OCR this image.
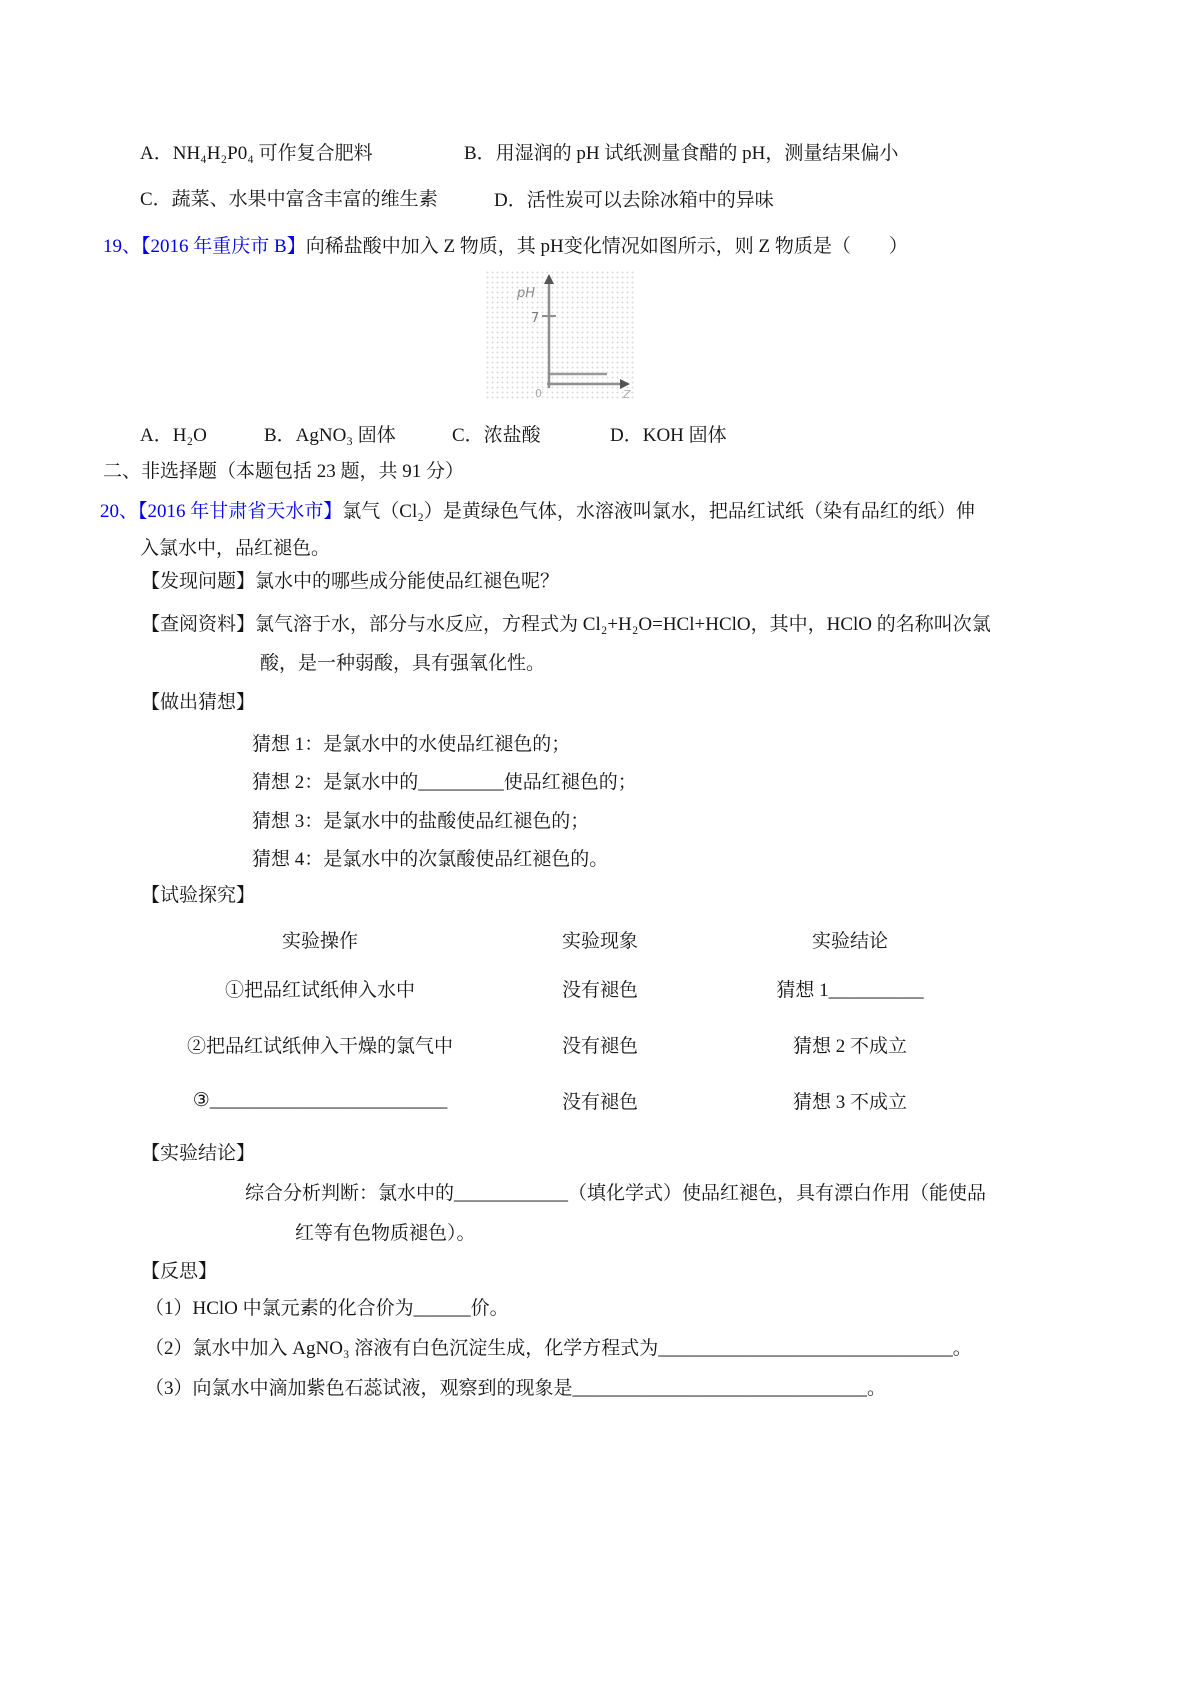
A．NH₄H₂P0₄ 可作复合肥料	B．用湿润的 pH 试纸测量食醋的 pH，测量结果偏小
C．蔬菜、水果中富含丰富的维生素	D．活性炭可以去除冰箱中的异味
19、【2016 年重庆市 B】向稀盐酸中加入 Z 物质，其 pH变化情况如图所示，则 Z 物质是（　　）
7
pH
0	Z
A．H₂O	B．AgNO₃ 固体	C．浓盐酸	D．KOH 固体
二、非选择题（本题包括 23 题，共 91 分）
20、【2016 年甘肃省天水市】氯气（Cl₂）是黄绿色气体，水溶液叫氯水，把品红试纸（染有品红的纸）伸
入氯水中，品红褪色。
【发现问题】氯水中的哪些成分能使品红褪色呢？
【查阅资料】氯气溶于水，部分与水反应，方程式为 Cl₂+H₂O=HCl+HClO，其中，HClO 的名称叫次氯
酸，是一种弱酸，具有强氧化性。
【做出猜想】
猜想 1：是氯水中的水使品红褪色的；
猜想 2：是氯水中的_________使品红褪色的；
猜想 3：是氯水中的盐酸使品红褪色的；
猜想 4：是氯水中的次氯酸使品红褪色的。
【试验探究】
实验操作	实验现象	实验结论
①把品红试纸伸入水中	没有褪色	猜想 1__________
②把品红试纸伸入干燥的氯气中	没有褪色	猜想 2 不成立
③_________________________	没有褪色	猜想 3 不成立
【实验结论】
综合分析判断：氯水中的____________（填化学式）使品红褪色，具有漂白作用（能使品
红等有色物质褪色）。
【反思】
（1）HClO 中氯元素的化合价为______价。
（2）氯水中加入 AgNO₃ 溶液有白色沉淀生成，化学方程式为_______________________________。
（3）向氯水中滴加紫色石蕊试液，观察到的现象是_______________________________。
